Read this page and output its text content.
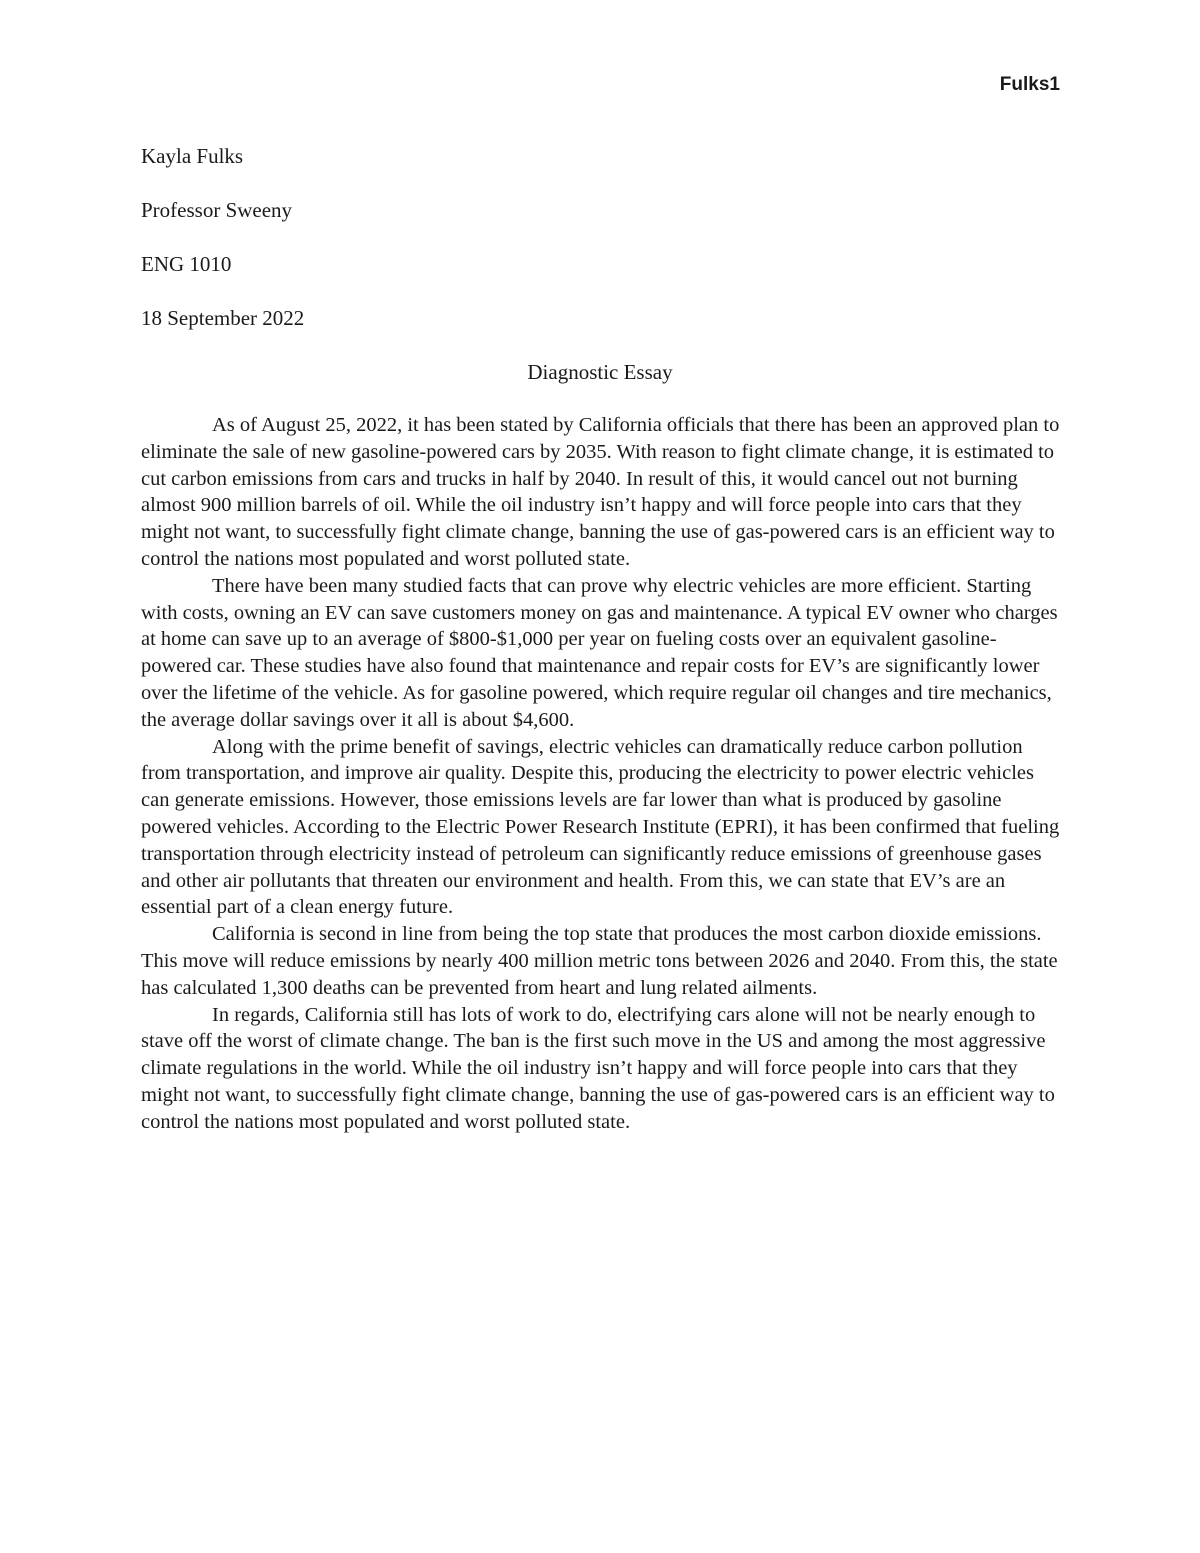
Fulks1
Kayla Fulks
Professor Sweeny
ENG 1010
18 September 2022
Diagnostic Essay

As of August 25, 2022, it has been stated by California officials that there has been an approved plan to eliminate the sale of new gasoline-powered cars by 2035. With reason to fight climate change, it is estimated to cut carbon emissions from cars and trucks in half by 2040. In result of this, it would cancel out not burning almost 900 million barrels of oil. While the oil industry isn’t happy and will force people into cars that they might not want, to successfully fight climate change, banning the use of gas-powered cars is an efficient way to control the nations most populated and worst polluted state.

There have been many studied facts that can prove why electric vehicles are more efficient. Starting with costs, owning an EV can save customers money on gas and maintenance. A typical EV owner who charges at home can save up to an average of $800-$1,000 per year on fueling costs over an equivalent gasoline-powered car. These studies have also found that maintenance and repair costs for EV’s are significantly lower over the lifetime of the vehicle. As for gasoline powered, which require regular oil changes and tire mechanics, the average dollar savings over it all is about $4,600.

Along with the prime benefit of savings, electric vehicles can dramatically reduce carbon pollution from transportation, and improve air quality. Despite this, producing the electricity to power electric vehicles can generate emissions. However, those emissions levels are far lower than what is produced by gasoline powered vehicles. According to the Electric Power Research Institute (EPRI), it has been confirmed that fueling transportation through electricity instead of petroleum can significantly reduce emissions of greenhouse gases and other air pollutants that threaten our environment and health. From this, we can state that EV’s are an essential part of a clean energy future.

California is second in line from being the top state that produces the most carbon dioxide emissions. This move will reduce emissions by nearly 400 million metric tons between 2026 and 2040. From this, the state has calculated 1,300 deaths can be prevented from heart and lung related ailments.

In regards, California still has lots of work to do, electrifying cars alone will not be nearly enough to stave off the worst of climate change. The ban is the first such move in the US and among the most aggressive climate regulations in the world. While the oil industry isn’t happy and will force people into cars that they might not want, to successfully fight climate change, banning the use of gas-powered cars is an efficient way to control the nations most populated and worst polluted state.
